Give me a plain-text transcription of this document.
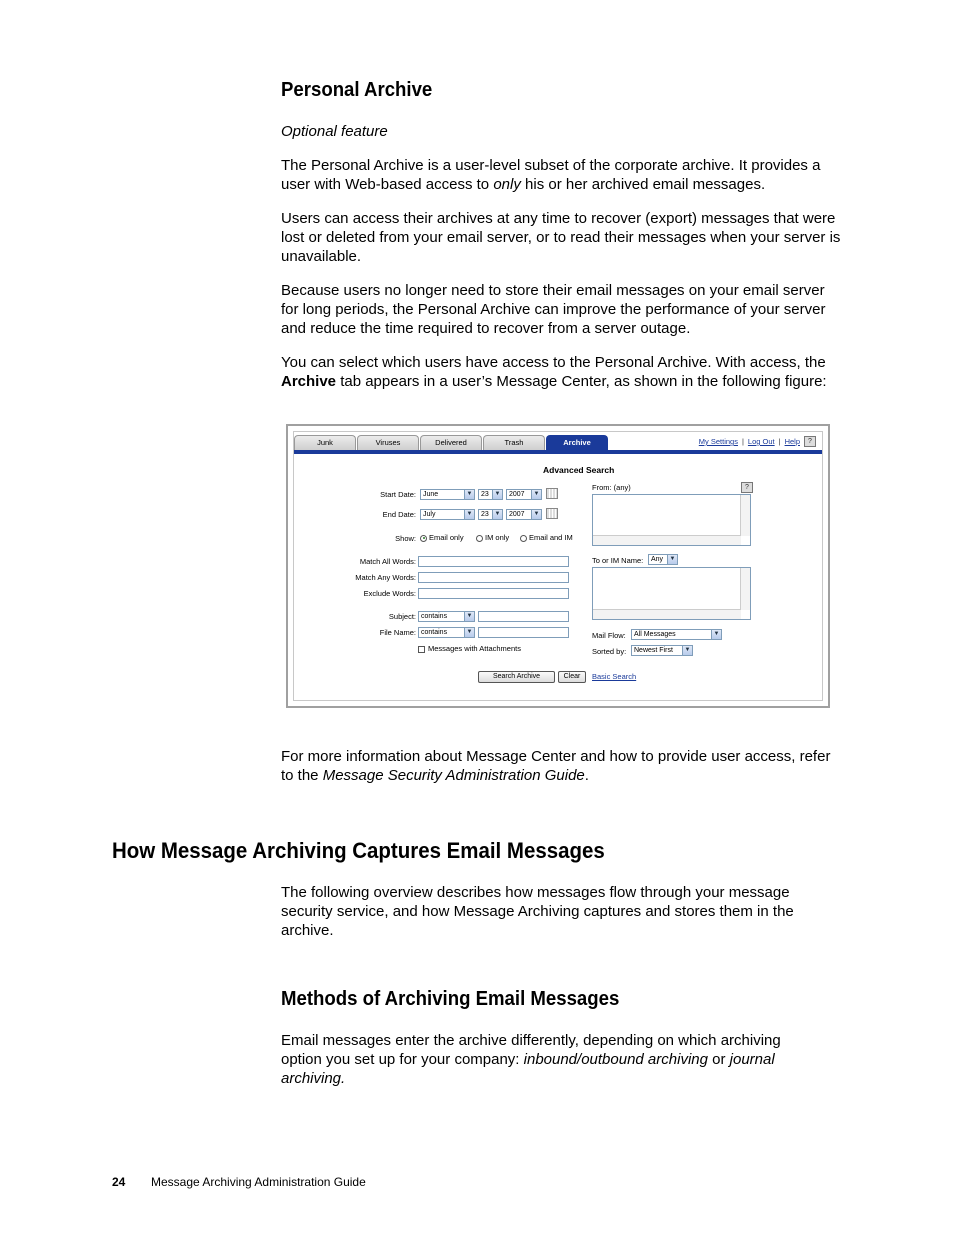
Personal Archive

Optional feature

The Personal Archive is a user-level subset of the corporate archive. It provides a user with Web-based access to only his or her archived email messages.

Users can access their archives at any time to recover (export) messages that were lost or deleted from your email server, or to read their messages when your server is unavailable.

Because users no longer need to store their email messages on your email server for long periods, the Personal Archive can improve the performance of your server and reduce the time required to recover from a server outage.

You can select which users have access to the Personal Archive. With access, the Archive tab appears in a user’s Message Center, as shown in the following figure:

Junk	Viruses	Delivered	Trash	Archive	My Settings | Log Out | Help	?
Advanced Search
Start Date:	June	▼	23 ▼	2007	▼
End Date:	July	▼	23 ▼	2007	▼
Show:	Email only	IM only	Email and IM
Match All Words:
Match Any Words:
Exclude Words:
Subject: contains	▼
File Name: contains	▼
Messages with Attachments
From: (any)	?
To or IM Name:	Any	▼
Mail Flow:	All Messages	▼
Sorted by:	Newest First	▼
Search Archive	Clear	Basic Search

For more information about Message Center and how to provide user access, refer to the Message Security Administration Guide.

How Message Archiving Captures Email Messages

The following overview describes how messages flow through your message security service, and how Message Archiving captures and stores them in the archive.

Methods of Archiving Email Messages

Email messages enter the archive differently, depending on which archiving option you set up for your company: inbound/outbound archiving or journal archiving.

24 Message Archiving Administration Guide
